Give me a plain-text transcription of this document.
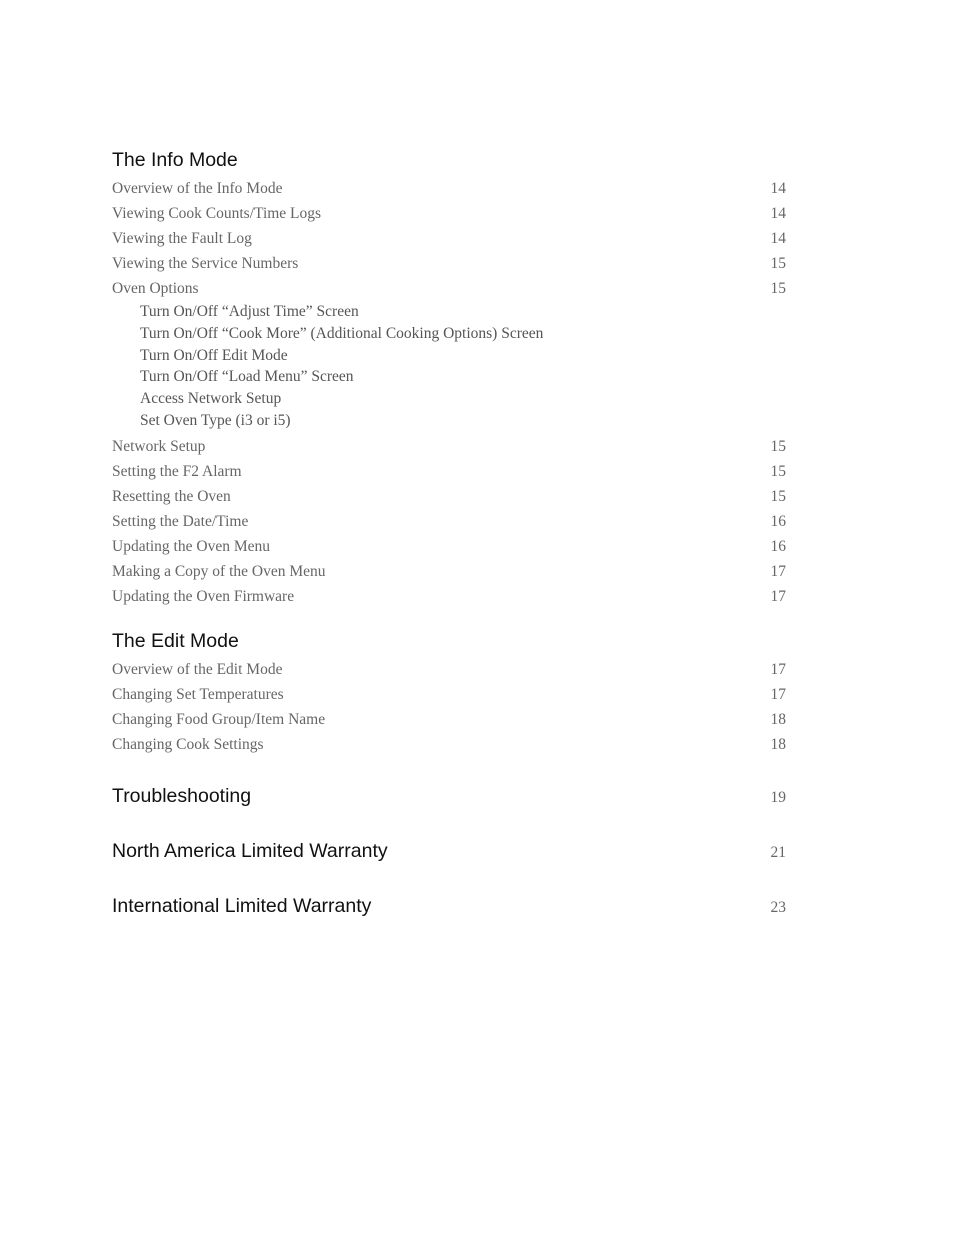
The Info Mode
Overview of the Info Mode	14
Viewing Cook Counts/Time Logs	14
Viewing the Fault Log	14
Viewing the Service Numbers	15
Oven Options	15
Turn On/Off “Adjust Time” Screen
Turn On/Off “Cook More” (Additional Cooking Options) Screen
Turn On/Off Edit Mode
Turn On/Off “Load Menu” Screen
Access Network Setup
Set Oven Type (i3 or i5)
Network Setup	15
Setting the F2 Alarm	15
Resetting the Oven	15
Setting the Date/Time	16
Updating the Oven Menu	16
Making a Copy of the Oven Menu	17
Updating the Oven Firmware	17
The Edit Mode
Overview of the Edit Mode	17
Changing Set Temperatures	17
Changing Food Group/Item Name	18
Changing Cook Settings	18
Troubleshooting	19
North America Limited Warranty	21
International Limited Warranty	23
